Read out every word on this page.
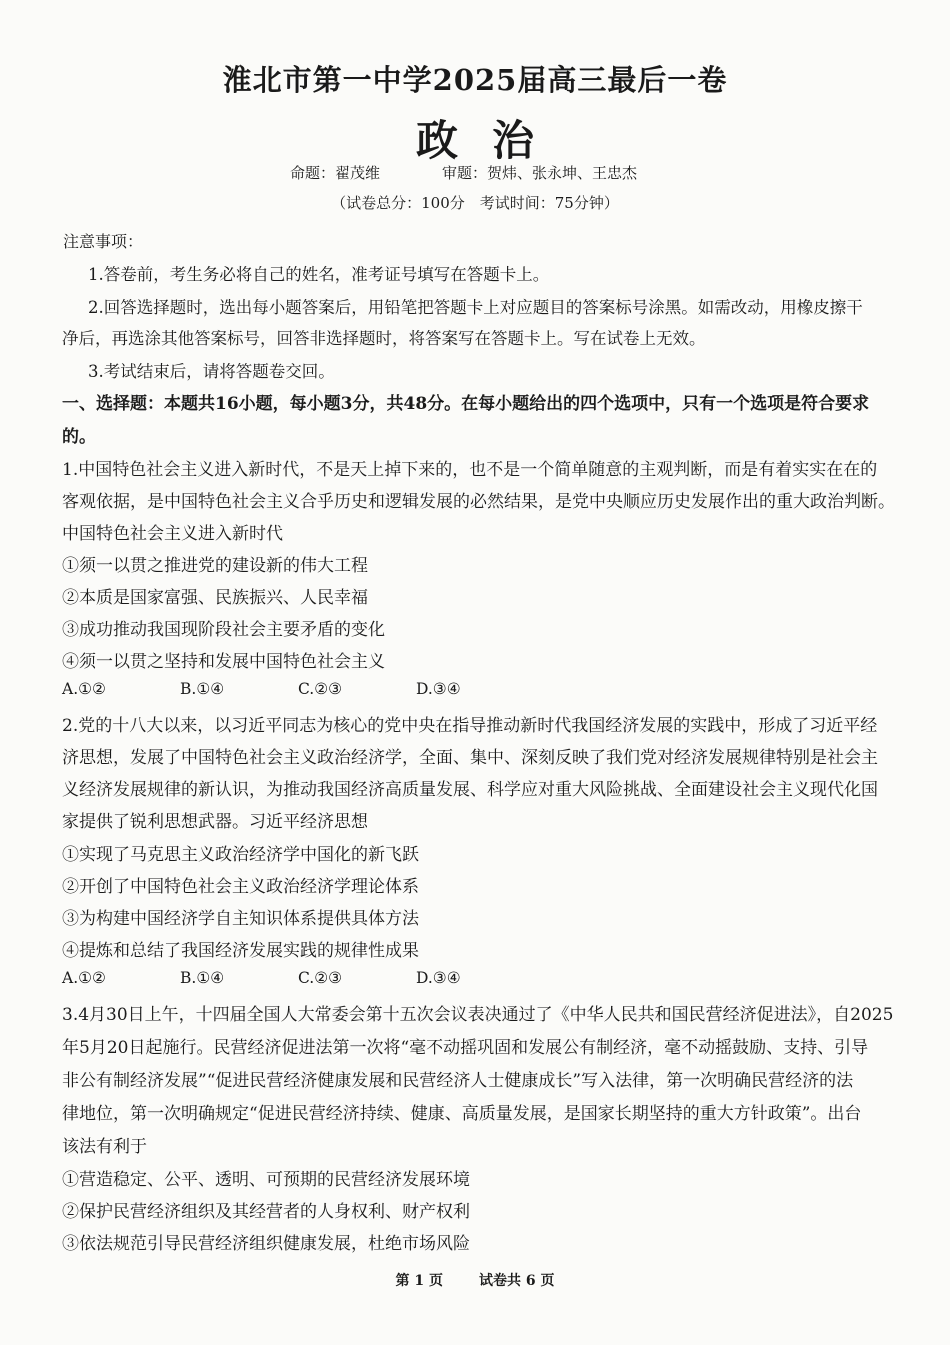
淮北市第一中学2025届高三最后一卷
政治
命题：翟茂维	审题：贺炜、张永坤、王忠杰
（试卷总分：100分　考试时间：75分钟）
注意事项：
1.答卷前，考生务必将自己的姓名，准考证号填写在答题卡上。
2.回答选择题时，选出每小题答案后，用铅笔把答题卡上对应题目的答案标号涂黑。如需改动，用橡皮擦干
净后，再选涂其他答案标号，回答非选择题时，将答案写在答题卡上。写在试卷上无效。
3.考试结束后，请将答题卷交回。
一、选择题：本题共16小题，每小题3分，共48分。在每小题给出的四个选项中，只有一个选项是符合要求
的。
1.中国特色社会主义进入新时代，不是天上掉下来的，也不是一个简单随意的主观判断，而是有着实实在在的
客观依据，是中国特色社会主义合乎历史和逻辑发展的必然结果，是党中央顺应历史发展作出的重大政治判断。
中国特色社会主义进入新时代
①须一以贯之推进党的建设新的伟大工程
②本质是国家富强、民族振兴、人民幸福
③成功推动我国现阶段社会主要矛盾的变化
④须一以贯之坚持和发展中国特色社会主义
A.①②	B.①④	C.②③	D.③④
2.党的十八大以来，以习近平同志为核心的党中央在指导推动新时代我国经济发展的实践中，形成了习近平经
济思想，发展了中国特色社会主义政治经济学，全面、集中、深刻反映了我们党对经济发展规律特别是社会主
义经济发展规律的新认识，为推动我国经济高质量发展、科学应对重大风险挑战、全面建设社会主义现代化国
家提供了锐利思想武器。习近平经济思想
①实现了马克思主义政治经济学中国化的新飞跃
②开创了中国特色社会主义政治经济学理论体系
③为构建中国经济学自主知识体系提供具体方法
④提炼和总结了我国经济发展实践的规律性成果
A.①②	B.①④	C.②③	D.③④
3.4月30日上午，十四届全国人大常委会第十五次会议表决通过了《中华人民共和国民营经济促进法》，自2025
年5月20日起施行。民营经济促进法第一次将“毫不动摇巩固和发展公有制经济，毫不动摇鼓励、支持、引导
非公有制经济发展”“促进民营经济健康发展和民营经济人士健康成长”写入法律，第一次明确民营经济的法
律地位，第一次明确规定“促进民营经济持续、健康、高质量发展，是国家长期坚持的重大方针政策”。出台
该法有利于
①营造稳定、公平、透明、可预期的民营经济发展环境
②保护民营经济组织及其经营者的人身权利、财产权利
③依法规范引导民营经济组织健康发展，杜绝市场风险
第 1 页	试卷共 6 页
